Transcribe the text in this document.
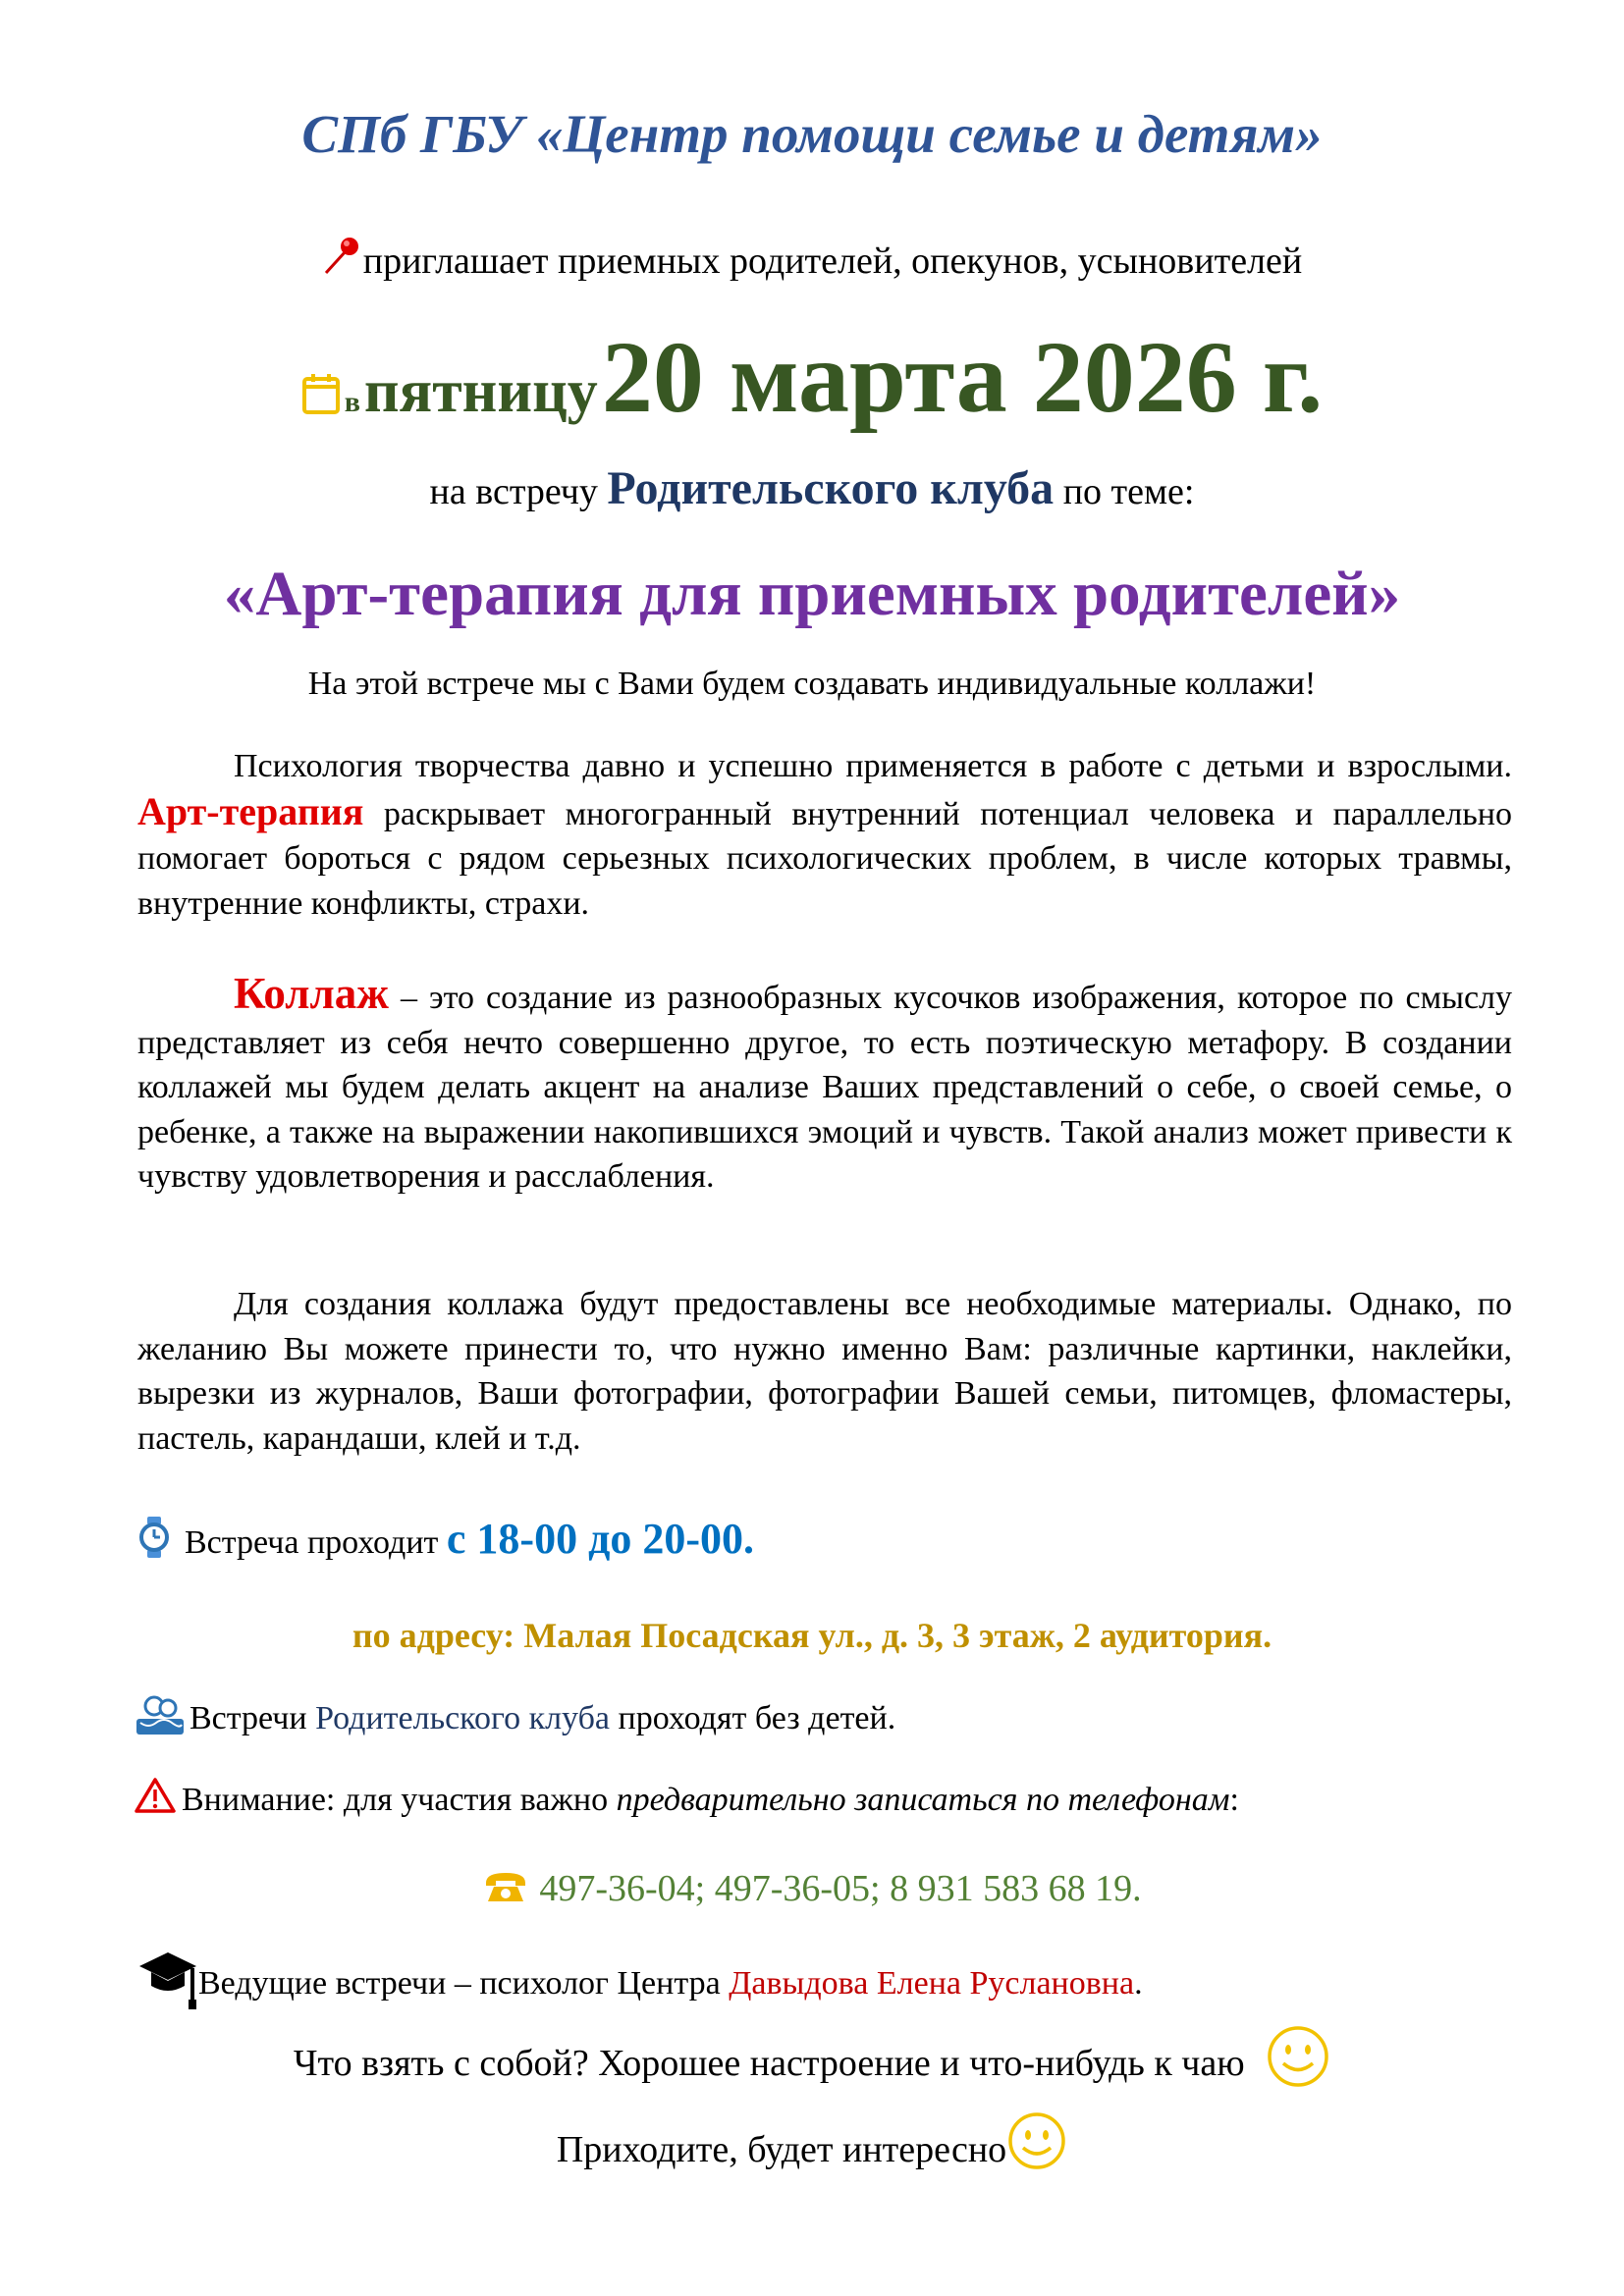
СПб ГБУ «Центр помощи семье и детям»
приглашает приемных родителей, опекунов, усыновителей
в пятницу 20 марта 2026 г.
на встречу Родительского клуба по теме:
«Арт-терапия для приемных родителей»
На этой встрече мы с Вами будем создавать индивидуальные коллажи!

Психология творчества давно и успешно применяется в работе с детьми и взрослыми. Арт-терапия раскрывает многогранный внутренний потенциал человека и параллельно помогает бороться с рядом серьезных психологических проблем, в числе которых травмы, внутренние конфликты, страхи.

Коллаж – это создание из разнообразных кусочков изображения, которое по смыслу представляет из себя нечто совершенно другое, то есть поэтическую метафору. В создании коллажей мы будем делать акцент на анализе Ваших представлений о себе, о своей семье, о ребенке, а также на выражении накопившихся эмоций и чувств. Такой анализ может привести к чувству удовлетворения и расслабления.

Для создания коллажа будут предоставлены все необходимые материалы. Однако, по желанию Вы можете принести то, что нужно именно Вам: различные картинки, наклейки, вырезки из журналов, Ваши фотографии, фотографии Вашей семьи, питомцев, фломастеры, пастель, карандаши, клей и т.д.

Встреча проходит с 18-00 до 20-00.
по адресу: Малая Посадская ул., д. 3, 3 этаж, 2 аудитория.
Встречи Родительского клуба проходят без детей.
Внимание: для участия важно предварительно записаться по телефонам:
497-36-04; 497-36-05; 8 931 583 68 19.
Ведущие встречи – психолог Центра Давыдова Елена Руслановна.
Что взять с собой? Хорошее настроение и что-нибудь к чаю
Приходите, будет интересно
